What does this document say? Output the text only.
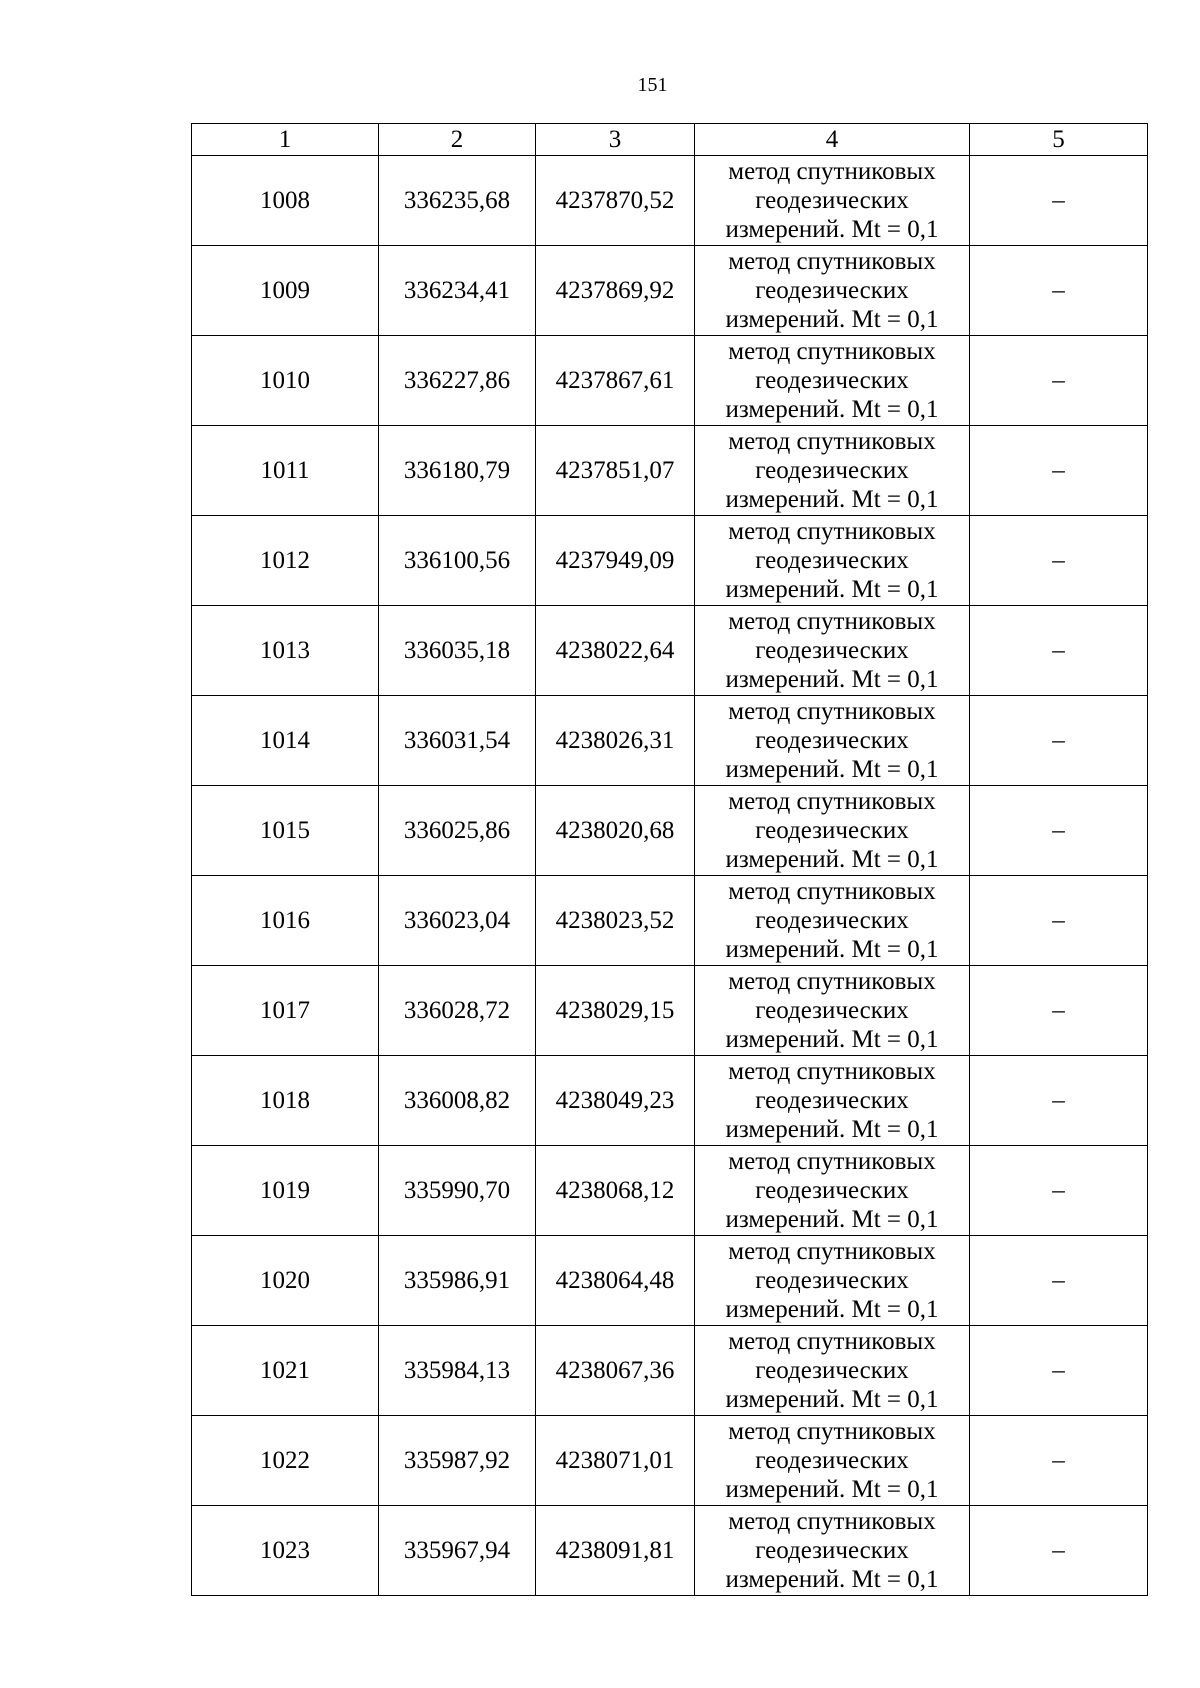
151
1	2	3	4	5
1008	336235,68	4237870,52	метод спутниковых
геодезических
измерений. Mt = 0,1	–
1009	336234,41	4237869,92	метод спутниковых
геодезических
измерений. Mt = 0,1	–
1010	336227,86	4237867,61	метод спутниковых
геодезических
измерений. Mt = 0,1	–
1011	336180,79	4237851,07	метод спутниковых
геодезических
измерений. Mt = 0,1	–
1012	336100,56	4237949,09	метод спутниковых
геодезических
измерений. Mt = 0,1	–
1013	336035,18	4238022,64	метод спутниковых
геодезических
измерений. Mt = 0,1	–
1014	336031,54	4238026,31	метод спутниковых
геодезических
измерений. Mt = 0,1	–
1015	336025,86	4238020,68	метод спутниковых
геодезических
измерений. Mt = 0,1	–
1016	336023,04	4238023,52	метод спутниковых
геодезических
измерений. Mt = 0,1	–
1017	336028,72	4238029,15	метод спутниковых
геодезических
измерений. Mt = 0,1	–
1018	336008,82	4238049,23	метод спутниковых
геодезических
измерений. Mt = 0,1	–
1019	335990,70	4238068,12	метод спутниковых
геодезических
измерений. Mt = 0,1	–
1020	335986,91	4238064,48	метод спутниковых
геодезических
измерений. Mt = 0,1	–
1021	335984,13	4238067,36	метод спутниковых
геодезических
измерений. Mt = 0,1	–
1022	335987,92	4238071,01	метод спутниковых
геодезических
измерений. Mt = 0,1	–
1023	335967,94	4238091,81	метод спутниковых
геодезических
измерений. Mt = 0,1	–
